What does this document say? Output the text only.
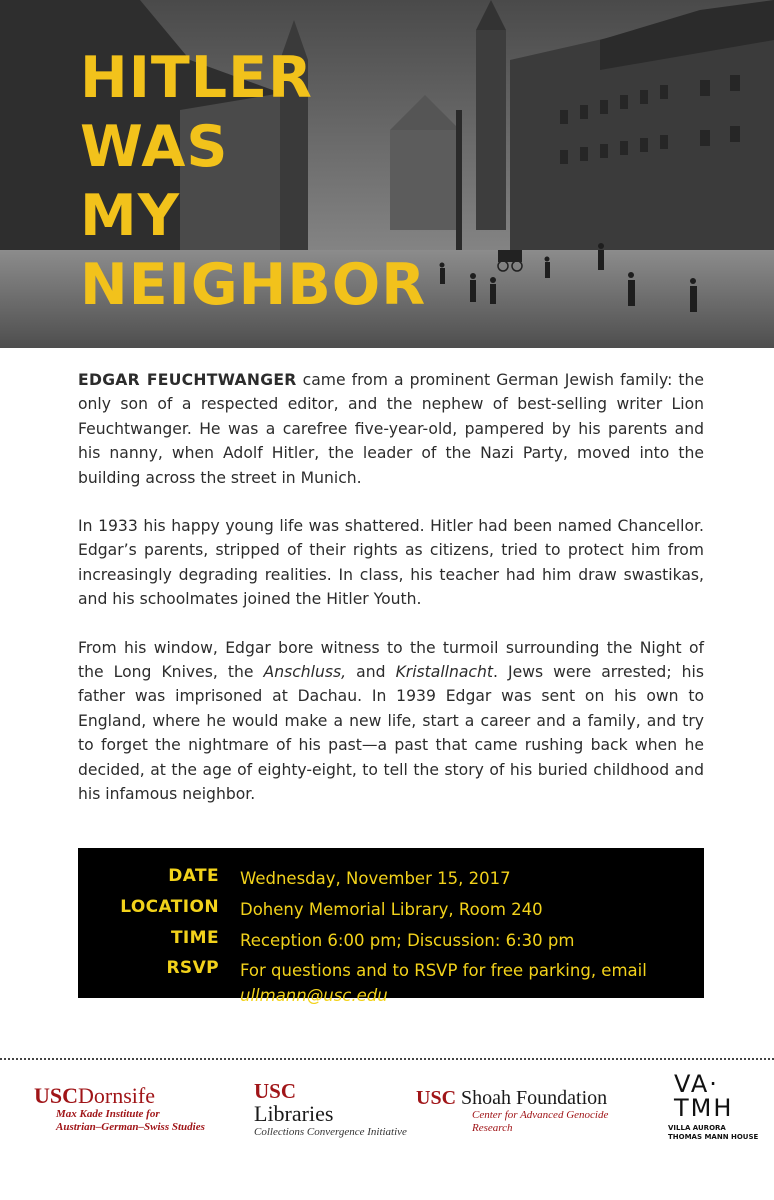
HITLER
WAS
MY
NEIGHBOR

EDGAR FEUCHTWANGER came from a prominent German Jewish family: the only son of a respected editor, and the nephew of best-selling writer Lion Feuchtwanger. He was a carefree five-year-old, pampered by his parents and his nanny, when Adolf Hitler, the leader of the Nazi Party, moved into the building across the street in Munich.

In 1933 his happy young life was shattered. Hitler had been named Chancellor. Edgar’s parents, stripped of their rights as citizens, tried to protect him from increasingly degrading realities. In class, his teacher had him draw swastikas, and his schoolmates joined the Hitler Youth.

From his window, Edgar bore witness to the turmoil surrounding the Night of the Long Knives, the Anschluss, and Kristallnacht. Jews were arrested; his father was imprisoned at Dachau. In 1939 Edgar was sent on his own to England, where he would make a new life, start a career and a family, and try to forget the nightmare of his past—a past that came rushing back when he decided, at the age of eighty-eight, to tell the story of his buried childhood and his infamous neighbor.

DATE Wednesday, November 15, 2017
LOCATION Doheny Memorial Library, Room 240
TIME Reception 6:00 pm; Discussion: 6:30 pm
RSVP For questions and to RSVP for free parking, email ullmann@usc.edu
USCDornsife
Max Kade Institute for
Austrian–German–Swiss Studies
USC
Libraries
Collections Convergence Initiative
USC Shoah Foundation
Center for Advanced Genocide Research
VA·
TMH
VILLA AURORA
THOMAS MANN HOUSE
